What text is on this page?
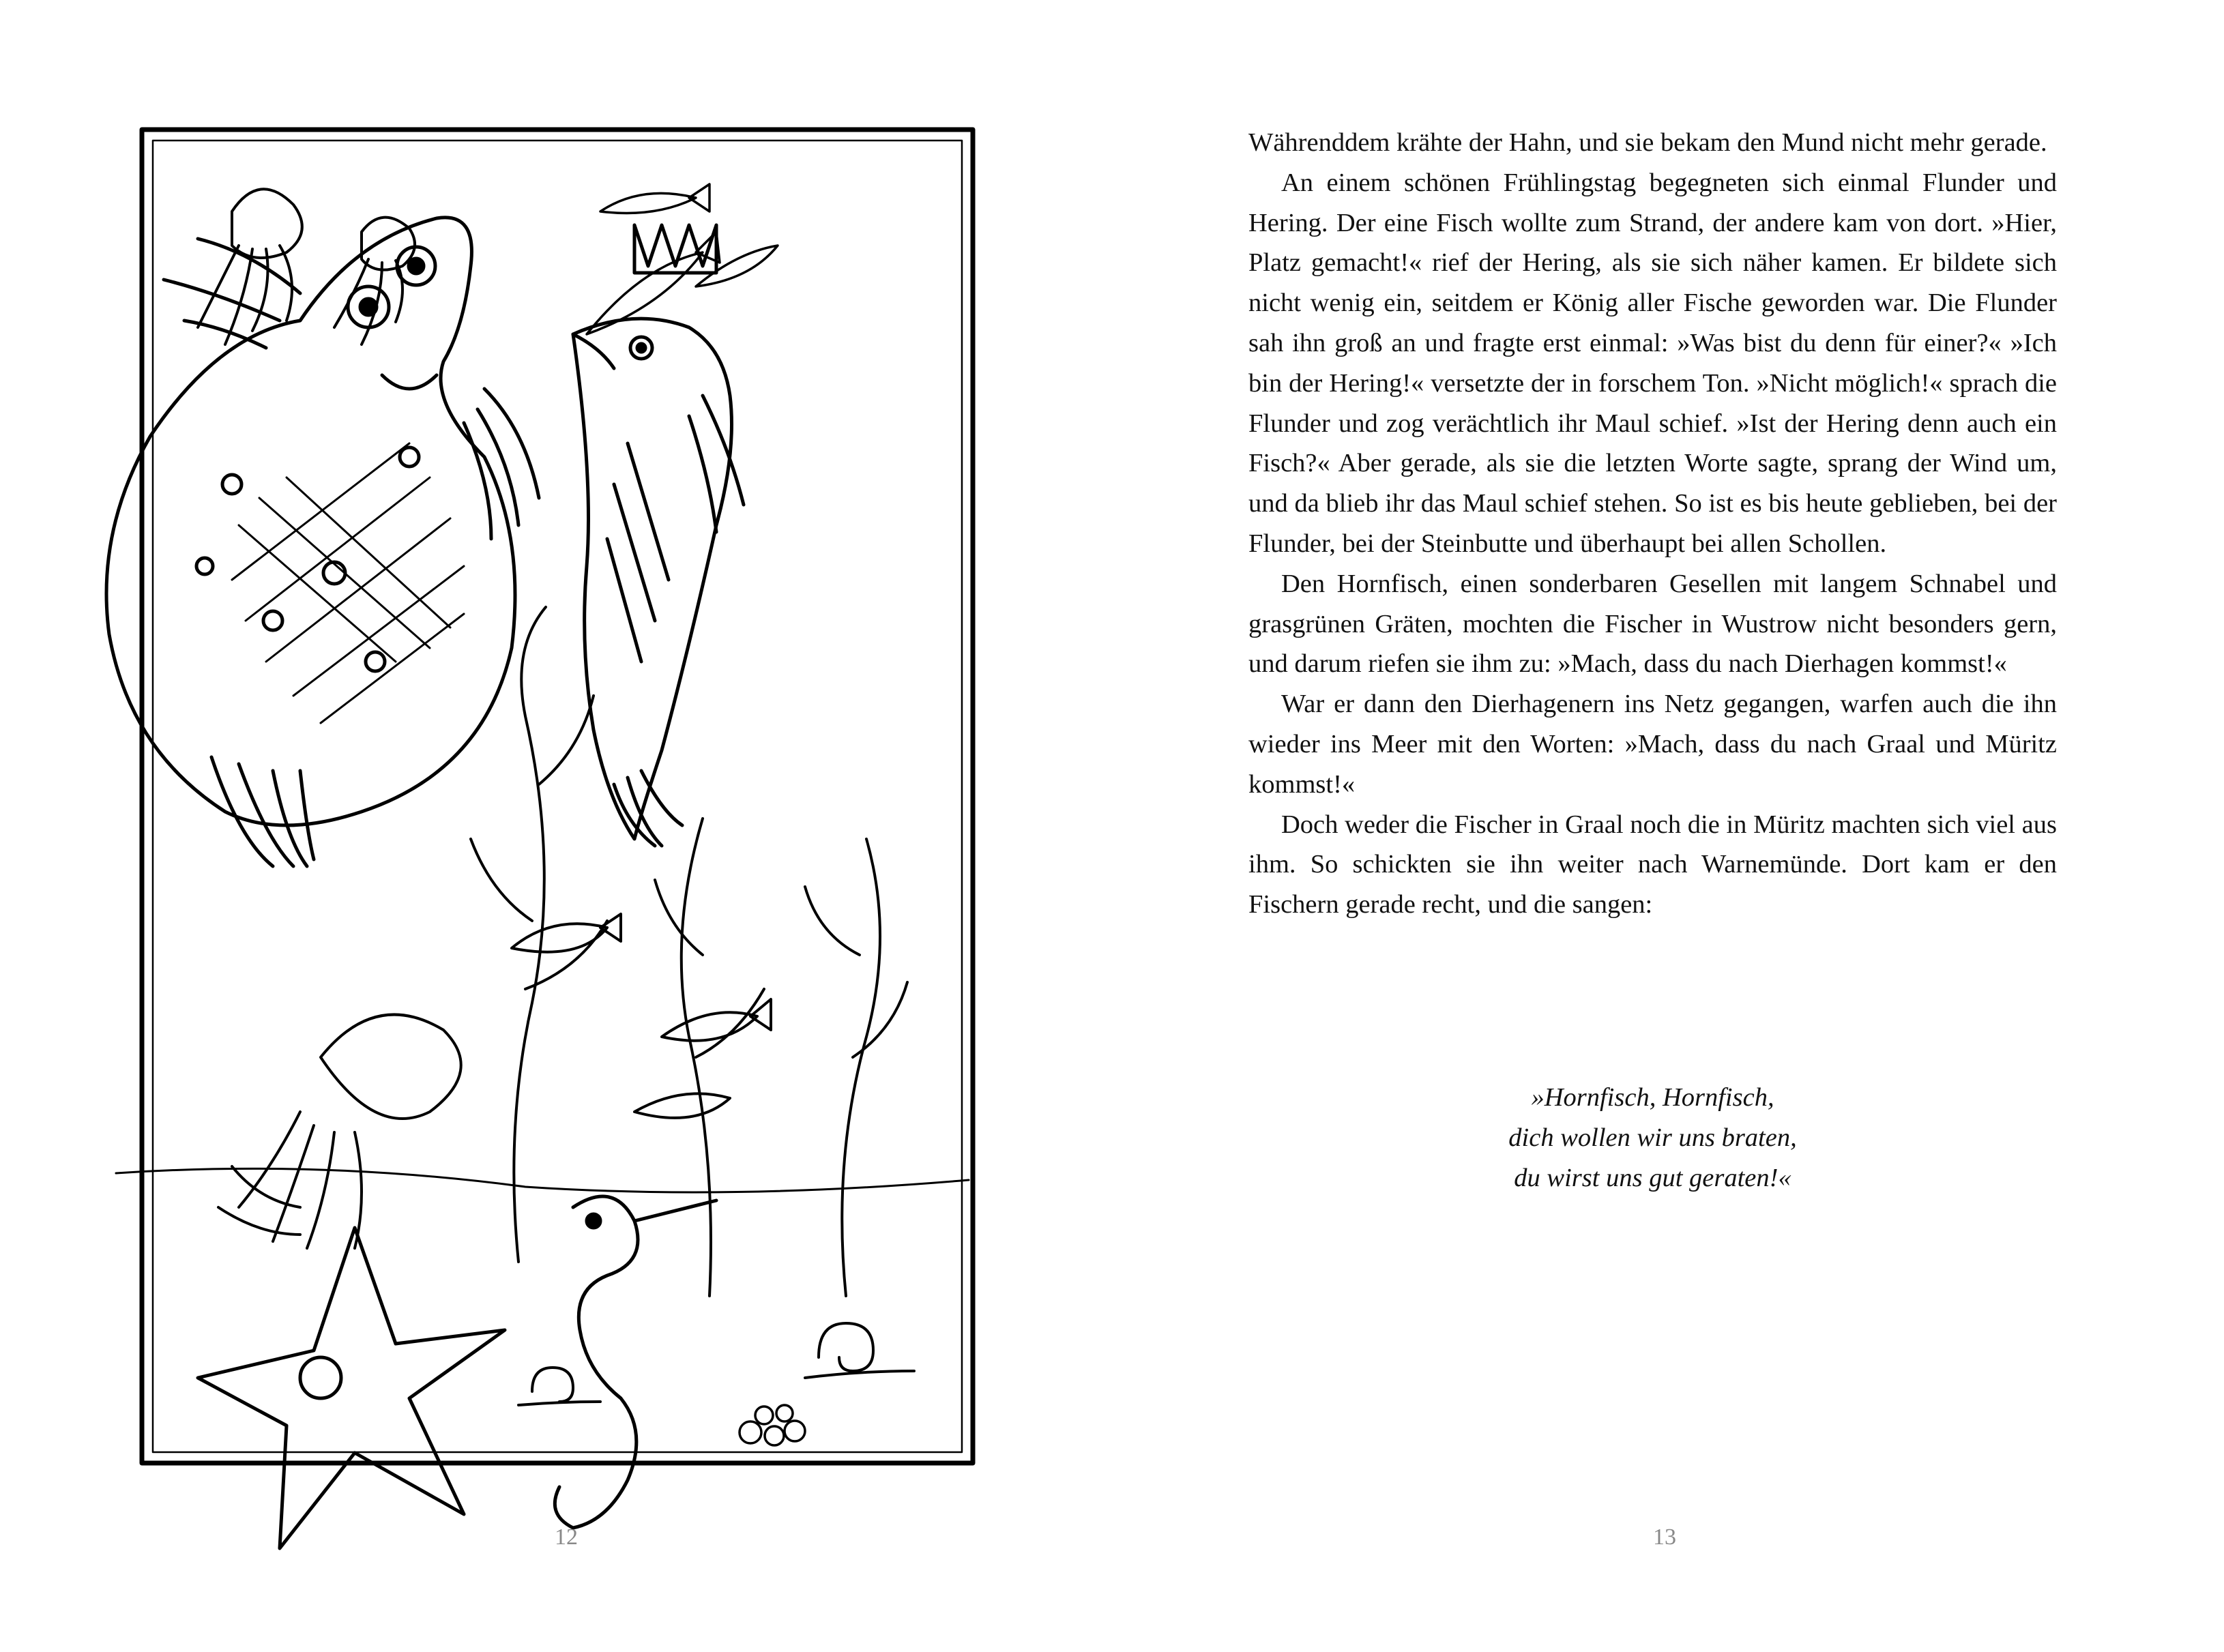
12

Währenddem krähte der Hahn, und sie bekam den Mund nicht mehr gerade.

An einem schönen Frühlingstag begegneten sich einmal Flunder und Hering. Der eine Fisch wollte zum Strand, der andere kam von dort. »Hier, Platz gemacht!« rief der Hering, als sie sich näher kamen. Er bildete sich nicht wenig ein, seitdem er König aller Fische geworden war. Die Flunder sah ihn groß an und fragte erst einmal: »Was bist du denn für einer?« »Ich bin der Hering!« versetzte der in forschem Ton. »Nicht möglich!« sprach die Flunder und zog verächtlich ihr Maul schief. »Ist der Hering denn auch ein Fisch?« Aber gerade, als sie die letzten Worte sagte, sprang der Wind um, und da blieb ihr das Maul schief stehen. So ist es bis heute geblieben, bei der Flunder, bei der Steinbutte und überhaupt bei allen Schollen.

Den Hornfisch, einen sonderbaren Gesellen mit langem Schnabel und grasgrünen Gräten, mochten die Fischer in Wustrow nicht besonders gern, und darum riefen sie ihm zu: »Mach, dass du nach Dierhagen kommst!«

War er dann den Dierhagenern ins Netz gegangen, warfen auch die ihn wieder ins Meer mit den Worten: »Mach, dass du nach Graal und Müritz kommst!«

Doch weder die Fischer in Graal noch die in Müritz machten sich viel aus ihm. So schickten sie ihn weiter nach Warnemünde. Dort kam er den Fischern gerade recht, und die sangen:

»Hornfisch, Hornfisch,
dich wollen wir uns braten,
du wirst uns gut geraten!«
13
